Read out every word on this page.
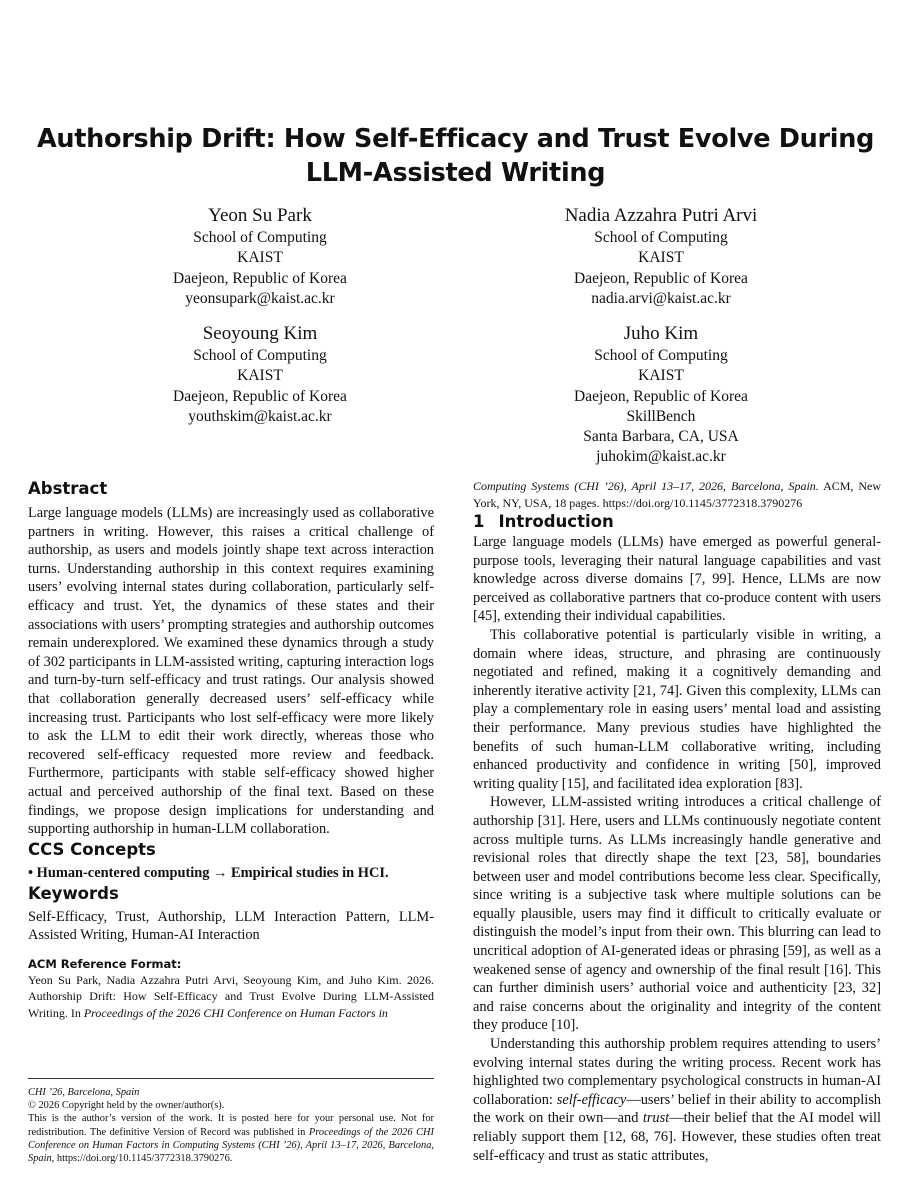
Authorship Drift: How Self-Efficacy and Trust Evolve During LLM-Assisted Writing
Yeon Su Park
School of Computing
KAIST
Daejeon, Republic of Korea
yeonsupark@kaist.ac.kr
Nadia Azzahra Putri Arvi
School of Computing
KAIST
Daejeon, Republic of Korea
nadia.arvi@kaist.ac.kr
Seoyoung Kim
School of Computing
KAIST
Daejeon, Republic of Korea
youthskim@kaist.ac.kr
Juho Kim
School of Computing
KAIST
Daejeon, Republic of Korea
SkillBench
Santa Barbara, CA, USA
juhokim@kaist.ac.kr
Abstract

Large language models (LLMs) are increasingly used as collaborative partners in writing. However, this raises a critical challenge of authorship, as users and models jointly shape text across interaction turns. Understanding authorship in this context requires examining users’ evolving internal states during collaboration, particularly self-efficacy and trust. Yet, the dynamics of these states and their associations with users’ prompting strategies and authorship outcomes remain underexplored. We examined these dynamics through a study of 302 participants in LLM-assisted writing, capturing interaction logs and turn-by-turn self-efficacy and trust ratings. Our analysis showed that collaboration generally decreased users’ self-efficacy while increasing trust. Participants who lost self-efficacy were more likely to ask the LLM to edit their work directly, whereas those who recovered self-efficacy requested more review and feedback. Furthermore, participants with stable self-efficacy showed higher actual and perceived authorship of the final text. Based on these findings, we propose design implications for understanding and supporting authorship in human-LLM collaboration.

CCS Concepts
• Human-centered computing → Empirical studies in HCI.
Keywords

Self-Efficacy, Trust, Authorship, LLM Interaction Pattern, LLM-Assisted Writing, Human-AI Interaction

ACM Reference Format:
Yeon Su Park, Nadia Azzahra Putri Arvi, Seoyoung Kim, and Juho Kim. 2026. Authorship Drift: How Self-Efficacy and Trust Evolve During LLM-Assisted Writing. In Proceedings of the 2026 CHI Conference on Human Factors in
CHI ’26, Barcelona, Spain
© 2026 Copyright held by the owner/author(s).
This is the author’s version of the work. It is posted here for your personal use. Not for redistribution. The definitive Version of Record was published in Proceedings of the 2026 CHI Conference on Human Factors in Computing Systems (CHI ’26), April 13–17, 2026, Barcelona, Spain, https://doi.org/10.1145/3772318.3790276.
Computing Systems (CHI ’26), April 13–17, 2026, Barcelona, Spain. ACM, New York, NY, USA, 18 pages. https://doi.org/10.1145/3772318.3790276
1 Introduction

Large language models (LLMs) have emerged as powerful general-purpose tools, leveraging their natural language capabilities and vast knowledge across diverse domains [7, 99]. Hence, LLMs are now perceived as collaborative partners that co-produce content with users [45], extending their individual capabilities.

This collaborative potential is particularly visible in writing, a domain where ideas, structure, and phrasing are continuously negotiated and refined, making it a cognitively demanding and inherently iterative activity [21, 74]. Given this complexity, LLMs can play a complementary role in easing users’ mental load and assisting their performance. Many previous studies have highlighted the benefits of such human-LLM collaborative writing, including enhanced productivity and confidence in writing [50], improved writing quality [15], and facilitated idea exploration [83].

However, LLM-assisted writing introduces a critical challenge of authorship [31]. Here, users and LLMs continuously negotiate content across multiple turns. As LLMs increasingly handle generative and revisional roles that directly shape the text [23, 58], boundaries between user and model contributions become less clear. Specifically, since writing is a subjective task where multiple solutions can be equally plausible, users may find it difficult to critically evaluate or distinguish the model’s input from their own. This blurring can lead to uncritical adoption of AI-generated ideas or phrasing [59], as well as a weakened sense of agency and ownership of the final result [16]. This can further diminish users’ authorial voice and authenticity [23, 32] and raise concerns about the originality and integrity of the content they produce [10].

Understanding this authorship problem requires attending to users’ evolving internal states during the writing process. Recent work has highlighted two complementary psychological constructs in human-AI collaboration: self-efficacy—users’ belief in their ability to accomplish the work on their own—and trust—their belief that the AI model will reliably support them [12, 68, 76]. However, these studies often treat self-efficacy and trust as static attributes,
